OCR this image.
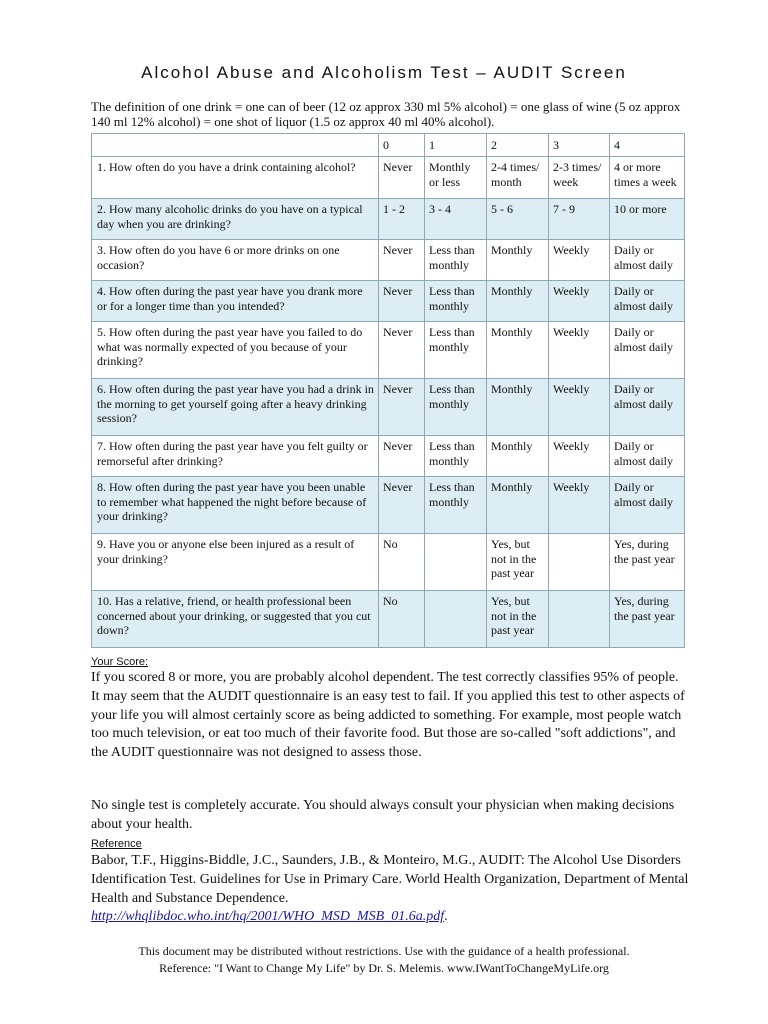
Alcohol Abuse and Alcoholism Test – AUDIT Screen
The definition of one drink = one can of beer (12 oz approx 330 ml 5% alcohol) = one glass of wine (5 oz approx 140 ml 12% alcohol) = one shot of liquor (1.5 oz approx 40 ml 40% alcohol).
	0	1	2	3	4
1. How often do you have a drink containing alcohol?	Never	Monthly or less	2-4 times/ month	2-3 times/ week	4 or more times a week
2. How many alcoholic drinks do you have on a typical day when you are drinking?	1 - 2	3 - 4	5 - 6	7 - 9	10 or more
3. How often do you have 6 or more drinks on one occasion?	Never	Less than monthly	Monthly	Weekly	Daily or almost daily
4. How often during the past year have you drank more or for a longer time than you intended?	Never	Less than monthly	Monthly	Weekly	Daily or almost daily
5. How often during the past year have you failed to do what was normally expected of you because of your drinking?	Never	Less than monthly	Monthly	Weekly	Daily or almost daily
6. How often during the past year have you had a drink in the morning to get yourself going after a heavy drinking session?	Never	Less than monthly	Monthly	Weekly	Daily or almost daily
7. How often during the past year have you felt guilty or remorseful after drinking?	Never	Less than monthly	Monthly	Weekly	Daily or almost daily
8. How often during the past year have you been unable to remember what happened the night before because of your drinking?	Never	Less than monthly	Monthly	Weekly	Daily or almost daily
9. Have you or anyone else been injured as a result of your drinking?	No		Yes, but not in the past year		Yes, during the past year
10. Has a relative, friend, or health professional been concerned about your drinking, or suggested that you cut down?	No		Yes, but not in the past year		Yes, during the past year
Your Score:
If you scored 8 or more, you are probably alcohol dependent. The test correctly classifies 95% of people. It may seem that the AUDIT questionnaire is an easy test to fail. If you applied this test to other aspects of your life you will almost certainly score as being addicted to something. For example, most people watch too much television, or eat too much of their favorite food. But those are so-called "soft addictions", and the AUDIT questionnaire was not designed to assess those.
No single test is completely accurate. You should always consult your physician when making decisions about your health.
Reference
Babor, T.F., Higgins-Biddle, J.C., Saunders, J.B., & Monteiro, M.G., AUDIT: The Alcohol Use Disorders Identification Test. Guidelines for Use in Primary Care. World Health Organization, Department of Mental Health and Substance Dependence.
http://whqlibdoc.who.int/hq/2001/WHO_MSD_MSB_01.6a.pdf.
This document may be distributed without restrictions. Use with the guidance of a health professional.
Reference: "I Want to Change My Life" by Dr. S. Melemis. www.IWantToChangeMyLife.org
